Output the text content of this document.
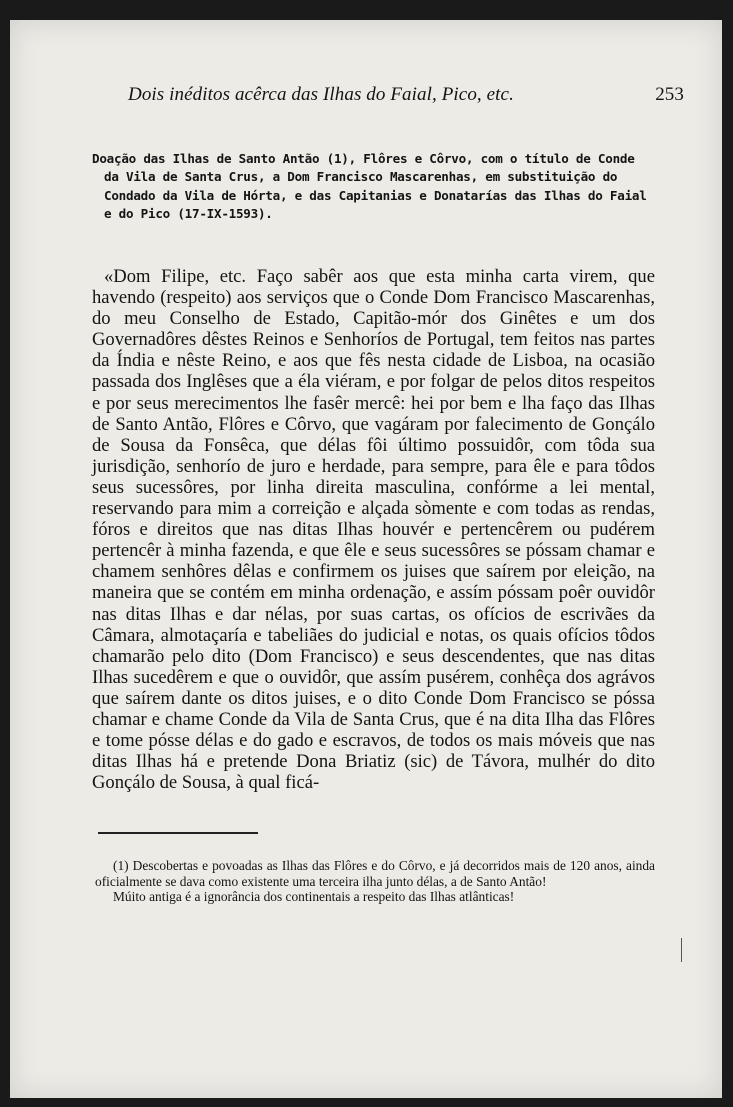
Dois inéditos acêrca das Ilhas do Faial, Pico, etc.	253
Doação das Ilhas de Santo Antão (1), Flôres e Côrvo, com o título de Conde
da Vila de Santa Crus, a Dom Francisco Mascarenhas, em substituição do
Condado da Vila de Hórta, e das Capitanias e Donatarías das Ilhas do Faial
e do Pico (17-IX-1593).

«Dom Filipe, etc. Faço sabêr aos que esta minha carta virem, que havendo (respeito) aos serviços que o Conde Dom Francisco Mascarenhas, do meu Conselho de Estado, Capitão-mór dos Ginêtes e um dos Governadôres dêstes Reinos e Senhoríos de Portugal, tem feitos nas partes da Índia e nêste Reino, e aos que fês nesta cidade de Lisboa, na ocasião passada dos Inglêses que a éla viéram, e por folgar de pelos ditos respeitos e por seus merecimentos lhe fasêr mercê: hei por bem e lha faço das Ilhas de Santo Antão, Flôres e Côrvo, que vagáram por falecimento de Gonçálo de Sousa da Fonsêca, que délas fôi último possuidôr, com tôda sua jurisdição, senhorío de juro e herdade, para sempre, para êle e para tôdos seus sucessôres, por linha direita masculina, confórme a lei mental, reservando para mim a correição e alçada sòmente e com todas as rendas, fóros e direitos que nas ditas Ilhas houvér e pertencêrem ou pudérem pertencêr à minha fazenda, e que êle e seus sucessôres se póssam chamar e chamem senhôres dêlas e confirmem os juises que saírem por eleição, na maneira que se contém em minha ordenação, e assím póssam poêr ouvidôr nas ditas Ilhas e dar nélas, por suas cartas, os ofícios de escrivães da Câmara, almotaçaría e tabeliães do judicial e notas, os quais ofícios tôdos chamarão pelo dito (Dom Francisco) e seus descendentes, que nas ditas Ilhas sucedêrem e que o ouvidôr, que assím pusérem, conhêça dos agrávos que saírem dante os ditos juises, e o dito Conde Dom Francisco se póssa chamar e chame Conde da Vila de Santa Crus, que é na dita Ilha das Flôres e tome pósse délas e do gado e escravos, de todos os mais móveis que nas ditas Ilhas há e pretende Dona Briatiz (sic) de Távora, mulhér do dito Gonçálo de Sousa, à qual ficá-

(1) Descobertas e povoadas as Ilhas das Flôres e do Côrvo, e já decorridos mais de 120 anos, ainda oficialmente se dava como existente uma terceira ilha junto délas, a de Santo Antão!

Múito antiga é a ignorância dos continentais a respeito das Ilhas atlânticas!
